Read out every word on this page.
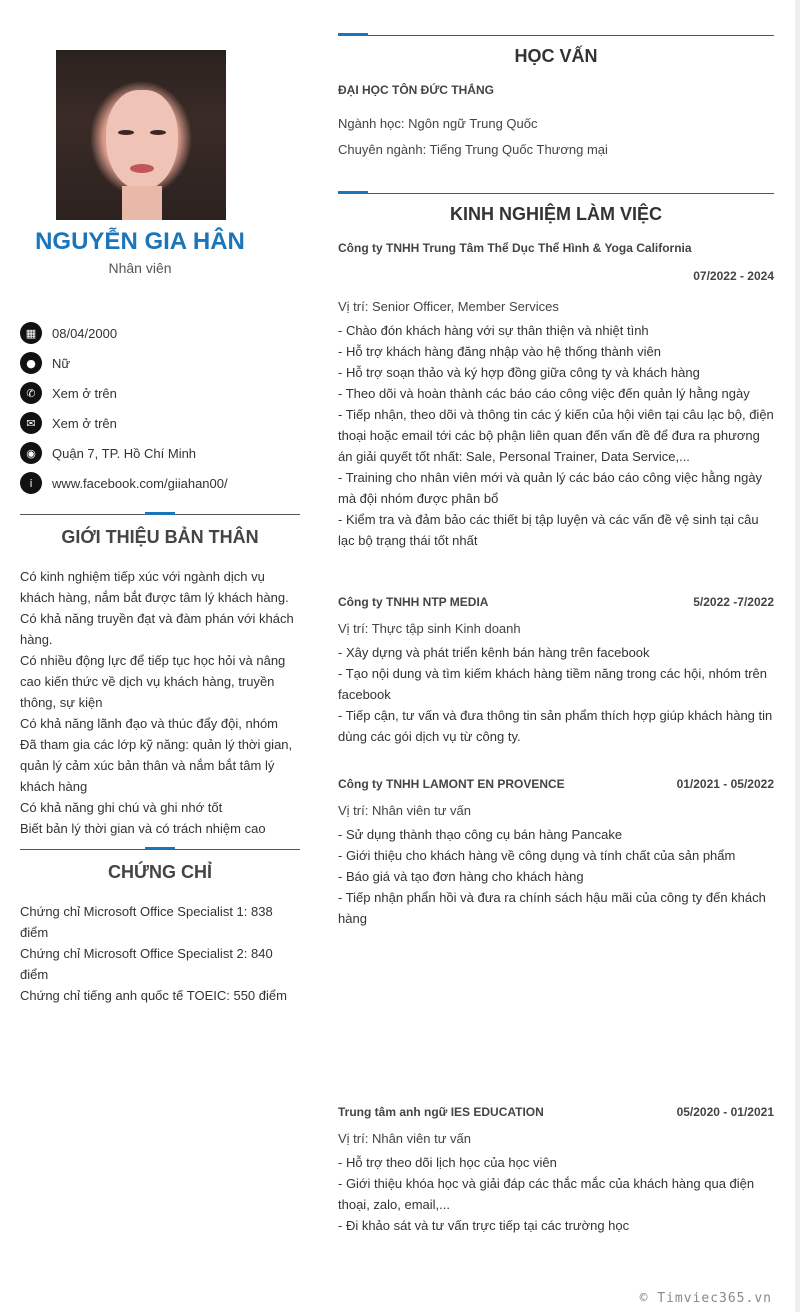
NGUYỄN GIA HÂN
Nhân viên
▦	08/04/2000
●	Nữ
✆	Xem ở trên
✉	Xem ở trên
◉	Quận 7, TP. Hồ Chí Minh
i	www.facebook.com/giiahan00/
GIỚI THIỆU BẢN THÂN
Có kinh nghiệm tiếp xúc với ngành dịch vụ khách hàng, nắm bắt được tâm lý khách hàng.
Có khả năng truyền đạt và đàm phán với khách hàng.
Có nhiều động lực để tiếp tục học hỏi và nâng cao kiến thức về dịch vụ khách hàng, truyền thông, sự kiện
Có khả năng lãnh đạo và thúc đẩy đội, nhóm
Đã tham gia các lớp kỹ năng: quản lý thời gian, quản lý cảm xúc bản thân và nắm bắt tâm lý khách hàng
Có khả năng ghi chú và ghi nhớ tốt
Biết bản lý thời gian và có trách nhiệm cao
CHỨNG CHỈ
Chứng chỉ Microsoft Office Specialist 1: 838 điểm
Chứng chỉ Microsoft Office Specialist 2: 840 điểm
Chứng chỉ tiếng anh quốc tế TOEIC: 550 điểm
HỌC VẤN
ĐẠI HỌC TÔN ĐỨC THẮNG
Ngành học: Ngôn ngữ Trung Quốc
Chuyên ngành: Tiếng Trung Quốc Thương mại
KINH NGHIỆM LÀM VIỆC
Công ty TNHH Trung Tâm Thể Dục Thể Hình & Yoga California
07/2022 - 2024
Vị trí: Senior Officer, Member Services
- Chào đón khách hàng với sự thân thiện và nhiệt tình
- Hỗ trợ khách hàng đăng nhập vào hệ thống thành viên
- Hỗ trợ soạn thảo và ký hợp đồng giữa công ty và khách hàng
- Theo dõi và hoàn thành các báo cáo công việc đến quản lý hằng ngày
- Tiếp nhận, theo dõi và thông tin các ý kiến của hội viên tại câu lạc bộ, điện thoại hoặc email tới các bộ phận liên quan đến vấn đề để đưa ra phương án giải quyết tốt nhất: Sale, Personal Trainer, Data Service,...
- Training cho nhân viên mới và quản lý các báo cáo công việc hằng ngày mà đội nhóm được phân bổ
- Kiểm tra và đảm bảo các thiết bị tập luyện và các vấn đề vệ sinh tại câu lạc bộ trạng thái tốt nhất
Công ty TNHH NTP MEDIA	5/2022 -7/2022
Vị trí: Thực tập sinh Kinh doanh
- Xây dựng và phát triển kênh bán hàng trên facebook
- Tạo nội dung và tìm kiếm khách hàng tiềm năng trong các hội, nhóm trên facebook
- Tiếp cận, tư vấn và đưa thông tin sản phẩm thích hợp giúp khách hàng tin dùng các gói dịch vụ từ công ty.
Công ty TNHH LAMONT EN PROVENCE	01/2021 - 05/2022
Vị trí: Nhân viên tư vấn
- Sử dụng thành thạo công cụ bán hàng Pancake
- Giới thiệu cho khách hàng về công dụng và tính chất của sản phẩm
- Báo giá và tạo đơn hàng cho khách hàng
- Tiếp nhận phẩn hồi và đưa ra chính sách hậu mãi của công ty đến khách hàng
Trung tâm anh ngữ IES EDUCATION	05/2020 - 01/2021
Vị trí: Nhân viên tư vấn
- Hỗ trợ theo dõi lịch học của học viên
- Giới thiệu khóa học và giải đáp các thắc mắc của khách hàng qua điện thoại, zalo, email,...
- Đi khảo sát và tư vấn trực tiếp tại các trường học
© Timviec365.vn
